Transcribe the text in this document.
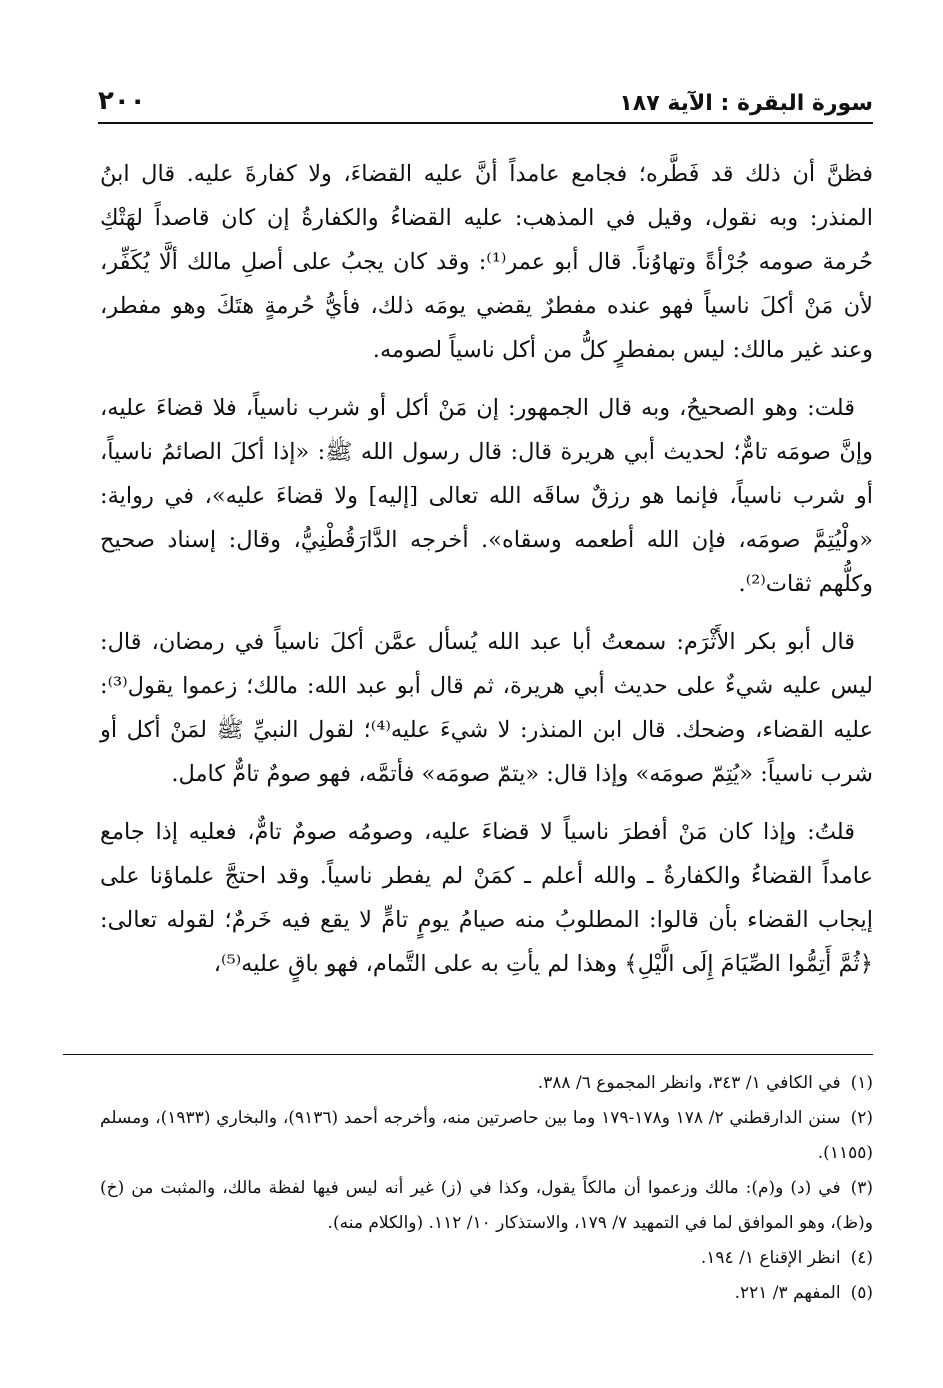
سورة البقرة : الآية ١٨٧
٢٠٠

فظنَّ أن ذلك قد فَطَّره؛ فجامع عامداً أنَّ عليه القضاءَ، ولا كفارةَ عليه. قال ابنُ المنذر: وبه نقول، وقيل في المذهب: عليه القضاءُ والكفارةُ إن كان قاصداً لهَتْكِ حُرمة صومه جُرْأةً وتهاوُناً. قال أبو عمر⁽¹⁾: وقد كان يجبُ على أصلِ مالك ألَّا يُكَفِّر، لأن مَنْ أكلَ ناسياً فهو عنده مفطرٌ يقضي يومَه ذلك، فأيُّ حُرمةٍ هتَكَ وهو مفطر، وعند غير مالك: ليس بمفطرٍ كلُّ من أكل ناسياً لصومه.

قلت: وهو الصحيحُ، وبه قال الجمهور: إن مَنْ أكل أو شرب ناسياً، فلا قضاءَ عليه، وإنَّ صومَه تامٌّ؛ لحديث أبي هريرة قال: قال رسول الله ﷺ: «إذا أكلَ الصائمُ ناسياً، أو شرب ناسياً، فإنما هو رزقٌ ساقَه الله تعالى [إليه] ولا قضاءَ عليه»، في رواية: «ولْيُتِمَّ صومَه، فإن الله أطعمه وسقاه». أخرجه الدَّارَقُطْنِيُّ، وقال: إسناد صحيح وكلُّهم ثقات⁽²⁾.

قال أبو بكر الأَثْرَم: سمعتُ أبا عبد الله يُسأل عمَّن أكلَ ناسياً في رمضان، قال: ليس عليه شيءٌ على حديث أبي هريرة، ثم قال أبو عبد الله: مالك؛ زعموا يقول⁽³⁾: عليه القضاء، وضحك. قال ابن المنذر: لا شيءَ عليه⁽⁴⁾؛ لقول النبيِّ ﷺ لمَنْ أكل أو شرب ناسياً: «يُتِمّ صومَه» وإذا قال: «يتمّ صومَه» فأتمَّه، فهو صومٌ تامٌّ كامل.

قلتُ: وإذا كان مَنْ أفطرَ ناسياً لا قضاءَ عليه، وصومُه صومٌ تامٌّ، فعليه إذا جامع عامداً القضاءُ والكفارةُ ـ والله أعلم ـ كمَنْ لم يفطر ناسياً. وقد احتجَّ علماؤنا على إيجاب القضاء بأن قالوا: المطلوبُ منه صيامُ يومٍ تامٍّ لا يقع فيه خَرمٌ؛ لقوله تعالى: ﴿ثُمَّ أَتِمُّوا الصِّيَامَ إِلَى الَّيْلِ﴾ وهذا لم يأتِ به على التَّمام، فهو باقٍ عليه⁽⁵⁾،

(١)في الكافي ١/ ٣٤٣، وانظر المجموع ٦/ ٣٨٨.

(٢)سنن الدارقطني ٢/ ١٧٨ و١٧٨-١٧٩ وما بين حاصرتين منه، وأخرجه أحمد (٩١٣٦)، والبخاري (١٩٣٣)، ومسلم (١١٥٥).

(٣)في (د) و(م): مالك وزعموا أن مالكاً يقول، وكذا في (ز) غير أنه ليس فيها لفظة مالك، والمثبت من (خ) و(ظ)، وهو الموافق لما في التمهيد ٧/ ١٧٩، والاستذكار ١٠/ ١١٢. (والكلام منه).

(٤)انظر الإقناع ١/ ١٩٤.

(٥)المفهم ٣/ ٢٢١.
